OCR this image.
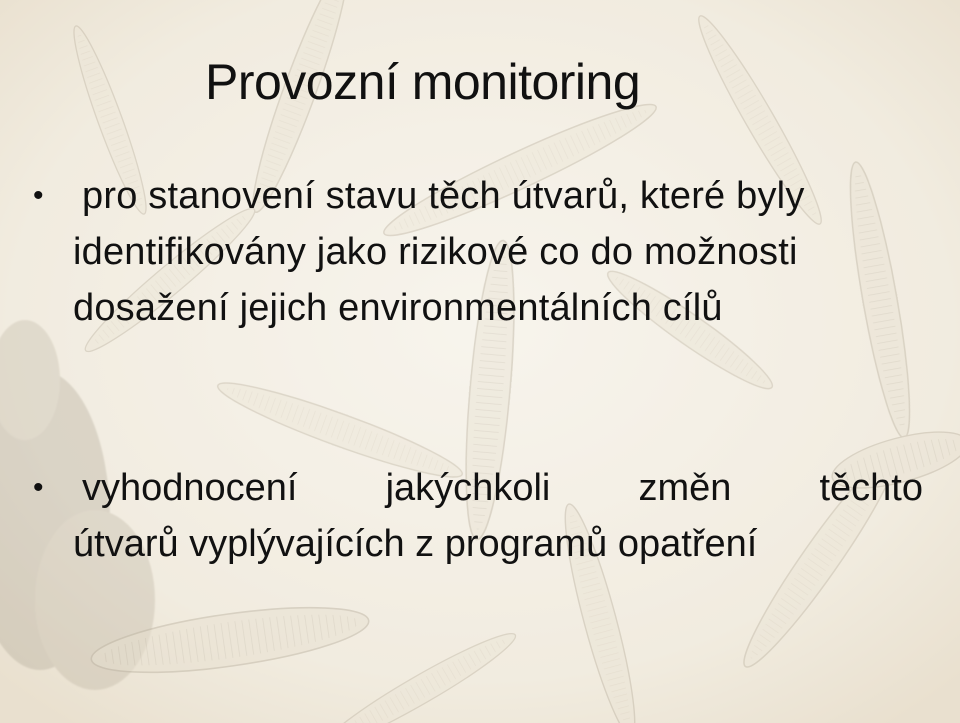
Provozní monitoring
• pro stanovení stavu těch útvarů, které byly identifikovány jako rizikové co do možnosti dosažení jejich environmentálních cílů

• vyhodnocení jakýchkoli změn těchto
útvarů vyplývajících z programů opatření
